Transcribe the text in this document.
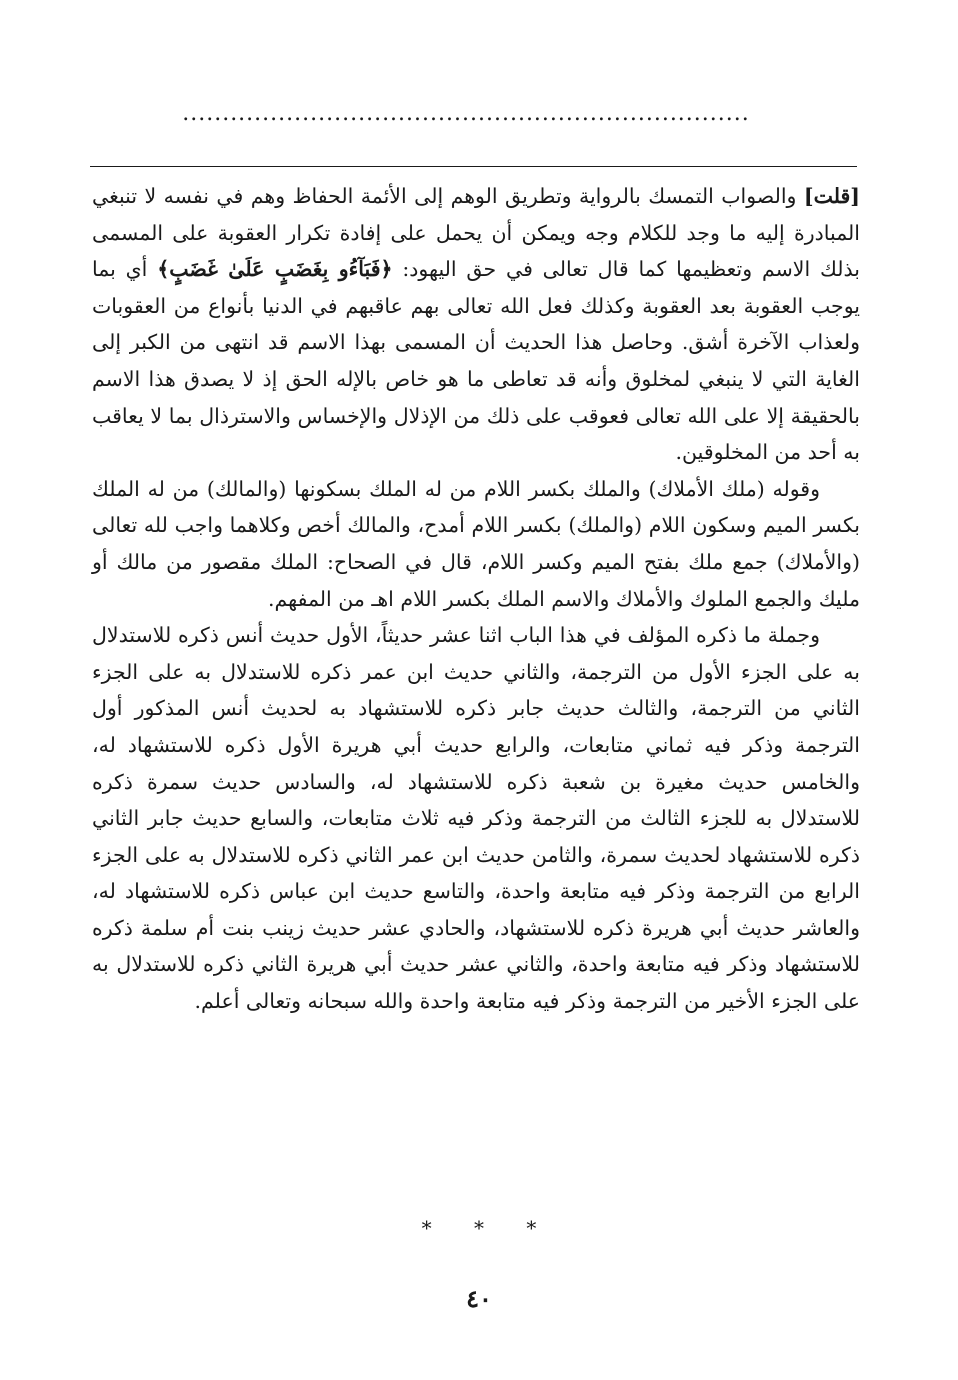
.......................................................................

[قلت] والصواب التمسك بالرواية وتطريق الوهم إلى الأئمة الحفاظ وهم في نفسه لا تنبغي المبادرة إليه ما وجد للكلام وجه ويمكن أن يحمل على إفادة تكرار العقوبة على المسمى بذلك الاسم وتعظيمها كما قال تعالى في حق اليهود: ﴿فَبَآءُو بِغَضَبٍ عَلَىٰ غَضَبٍ﴾ أي بما يوجب العقوبة بعد العقوبة وكذلك فعل الله تعالى بهم عاقبهم في الدنيا بأنواع من العقوبات ولعذاب الآخرة أشق. وحاصل هذا الحديث أن المسمى بهذا الاسم قد انتهى من الكبر إلى الغاية التي لا ينبغي لمخلوق وأنه قد تعاطى ما هو خاص بالإله الحق إذ لا يصدق هذا الاسم بالحقيقة إلا على الله تعالى فعوقب على ذلك من الإذلال والإخساس والاسترذال بما لا يعاقب به أحد من المخلوقين.

وقوله (ملك الأملاك) والملك بكسر اللام من له الملك بسكونها (والمالك) من له الملك بكسر الميم وسكون اللام (والملك) بكسر اللام أمدح، والمالك أخص وكلاهما واجب لله تعالى (والأملاك) جمع ملك بفتح الميم وكسر اللام، قال في الصحاح: الملك مقصور من مالك أو مليك والجمع الملوك والأملاك والاسم الملك بكسر اللام اهـ من المفهم.

وجملة ما ذكره المؤلف في هذا الباب اثنا عشر حديثاً، الأول حديث أنس ذكره للاستدلال به على الجزء الأول من الترجمة، والثاني حديث ابن عمر ذكره للاستدلال به على الجزء الثاني من الترجمة، والثالث حديث جابر ذكره للاستشهاد به لحديث أنس المذكور أول الترجمة وذكر فيه ثماني متابعات، والرابع حديث أبي هريرة الأول ذكره للاستشهاد له، والخامس حديث مغيرة بن شعبة ذكره للاستشهاد له، والسادس حديث سمرة ذكره للاستدلال به للجزء الثالث من الترجمة وذكر فيه ثلاث متابعات، والسابع حديث جابر الثاني ذكره للاستشهاد لحديث سمرة، والثامن حديث ابن عمر الثاني ذكره للاستدلال به على الجزء الرابع من الترجمة وذكر فيه متابعة واحدة، والتاسع حديث ابن عباس ذكره للاستشهاد له، والعاشر حديث أبي هريرة ذكره للاستشهاد، والحادي عشر حديث زينب بنت أم سلمة ذكره للاستشهاد وذكر فيه متابعة واحدة، والثاني عشر حديث أبي هريرة الثاني ذكره للاستدلال به على الجزء الأخير من الترجمة وذكر فيه متابعة واحدة والله سبحانه وتعالى أعلم.

* * *
٤٠
